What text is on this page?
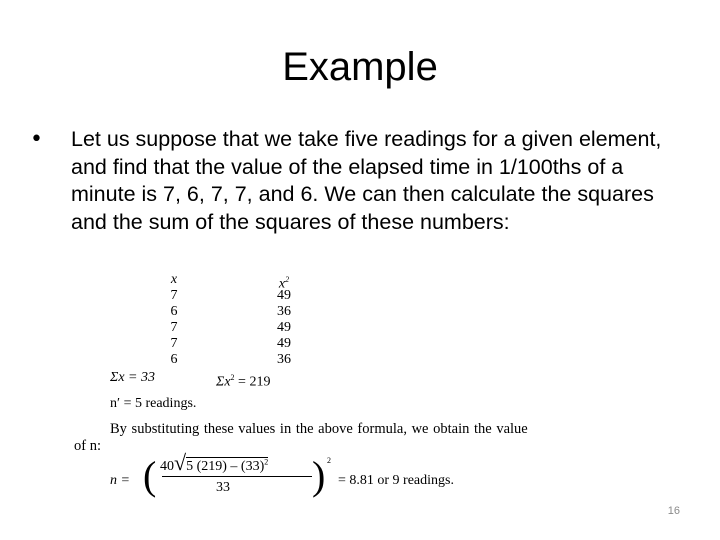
Example
• Let us suppose that we take five readings for a given element, and find that the value of the elapsed time in 1/100ths of a minute is 7, 6, 7, 7, and 6. We can then calculate the squares and the sum of the squares of these numbers:
x	$x^2$
7	49
6	36
7	49
7	49
6	36
Σx = 33	$\Sigma x^2 = 219$
n′ = 5 readings.
By substituting these values in the above formula, we obtain the value
of n:
n = ( 40√5 $(219) - (33)^2$
33 ) 2
= 8.81 or 9 readings.
16
